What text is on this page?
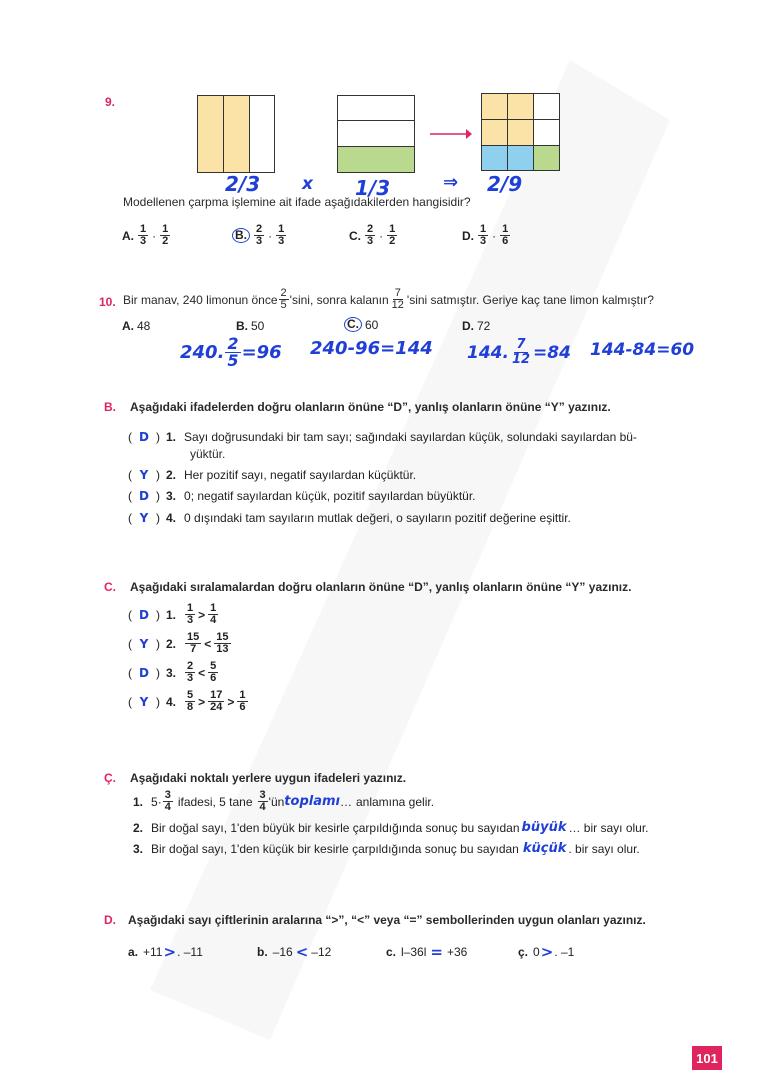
9.
2/3 x 1/3	⇒ 2/9
Modellenen çarpma işlemine ait ifade aşağıdakilerden hangisidir?
A. $\frac{1}{3} \cdot \frac{1}{2}$	B. $\frac{2}{3} \cdot \frac{1}{3}$	C. $\frac{2}{3} \cdot \frac{1}{2}$	D. $\frac{1}{3} \cdot \frac{1}{6}$
10. Bir manav, 240 limonun önce $\frac{2}{5}$ 'sini, sonra kalanın $\frac{7}{12}$ 'sini satmıştır. Geriye kaç tane limon kalmıştır?
A. 48	B. 50	C. 60	D. 72
240. $\frac{2}{5} =96$ 240-96=144 144. $\frac{7}{12} =84$ 144-84=60
B. Aşağıdaki ifadelerden doğru olanların önüne “D”, yanlış olanların önüne “Y” yazınız.
( D ) 1. Sayı doğrusundaki bir tam sayı; sağındaki sayılardan küçük, solundaki sayılardan bü-
yüktür.
( Y ) 2. Her pozitif sayı, negatif sayılardan küçüktür.
( D ) 3. 0; negatif sayılardan küçük, pozitif sayılardan büyüktür.
( Y ) 4. 0 dışındaki tam sayıların mutlak değeri, o sayıların pozitif değerine eşittir.
C. Aşağıdaki sıralamalardan doğru olanların önüne “D”, yanlış olanların önüne “Y” yazınız.
( D ) 1. $\frac{1}{3} > \frac{1}{4}$
( Y ) 2. $\frac{15}{7} < \frac{15}{13}$
( D ) 3. $\frac{2}{3} < \frac{5}{6}$
( Y ) 4. $\frac{5}{8} > \frac{17}{24} > \frac{1}{6}$
Ç. Aşağıdaki noktalı yerlere uygun ifadeleri yazınız.
1. $5\cdot \frac{3}{4}$ ifadesi, 5 tane $\frac{3}{4}$ 'ün toplamı … anlamına gelir.
2. Bir doğal sayı, 1'den büyük bir kesirle çarpıldığında sonuç bu sayıdan büyük … bir sayı olur.
3. Bir doğal sayı, 1'den küçük bir kesirle çarpıldığında sonuç bu sayıdan küçük . bir sayı olur.
D. Aşağıdaki sayı çiftlerinin aralarına “>”, “<” veya “=” sembollerinden uygun olanları yazınız.
a. +11 > . –11	b. –16 < –12	c. l–36l = +36	ç. 0 > . –1
101
